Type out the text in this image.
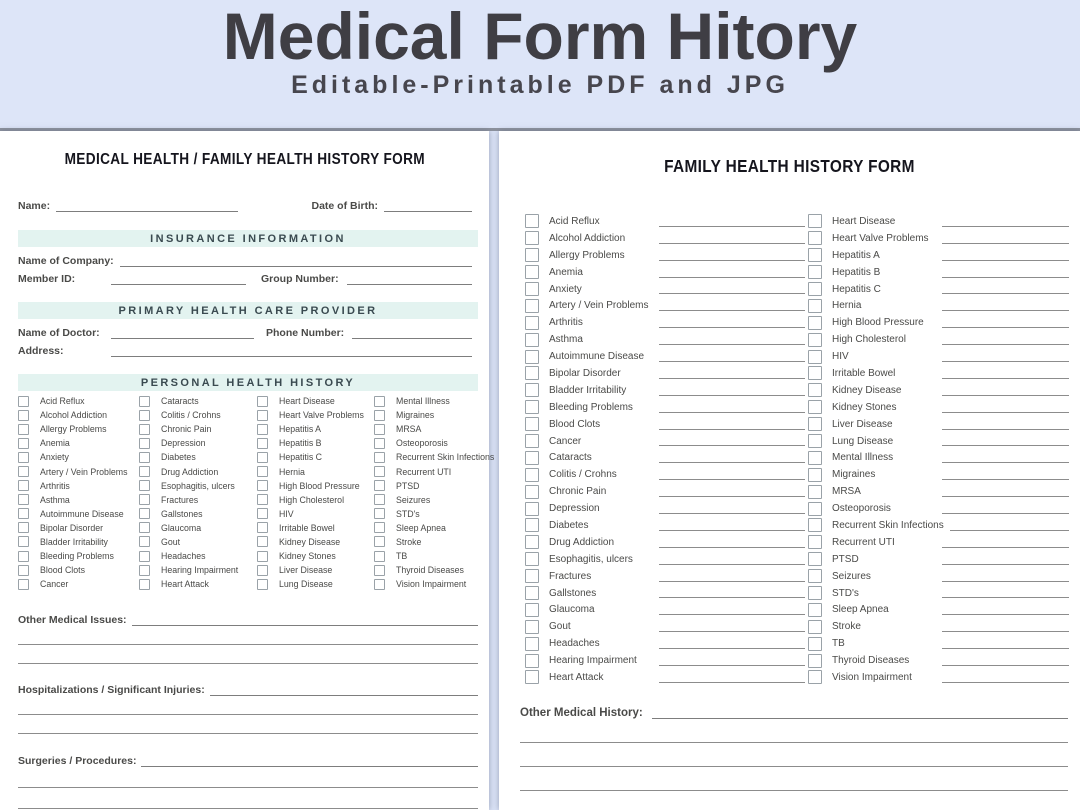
Medical Form Hitory

Editable-Printable PDF and JPG

MEDICAL HEALTH / FAMILY HEALTH HISTORY FORM
Name:	Date of Birth:
INSURANCE INFORMATION
Name of Company:
Member ID:	Group Number:
PRIMARY HEALTH CARE PROVIDER
Name of Doctor:	Phone Number:
Address:
PERSONAL HEALTH HISTORY
Acid Reflux
Alcohol Addiction
Allergy Problems
Anemia
Anxiety
Artery / Vein Problems
Arthritis
Asthma
Autoimmune Disease
Bipolar Disorder
Bladder Irritability
Bleeding Problems
Blood Clots
Cancer
Cataracts
Colitis / Crohns
Chronic Pain
Depression
Diabetes
Drug Addiction
Esophagitis, ulcers
Fractures
Gallstones
Glaucoma
Gout
Headaches
Hearing Impairment
Heart Attack
Heart Disease
Heart Valve Problems
Hepatitis A
Hepatitis B
Hepatitis C
Hernia
High Blood Pressure
High Cholesterol
HIV
Irritable Bowel
Kidney Disease
Kidney Stones
Liver Disease
Lung Disease
Mental Illness
Migraines
MRSA
Osteoporosis
Recurrent Skin Infections
Recurrent UTI
PTSD
Seizures
STD's
Sleep Apnea
Stroke
TB
Thyroid Diseases
Vision Impairment
Other Medical Issues:
Hospitalizations / Significant Injuries:
Surgeries / Procedures:
FAMILY HEALTH HISTORY FORM
Acid Reflux
Alcohol Addiction
Allergy Problems
Anemia
Anxiety
Artery / Vein Problems
Arthritis
Asthma
Autoimmune Disease
Bipolar Disorder
Bladder Irritability
Bleeding Problems
Blood Clots
Cancer
Cataracts
Colitis / Crohns
Chronic Pain
Depression
Diabetes
Drug Addiction
Esophagitis, ulcers
Fractures
Gallstones
Glaucoma
Gout
Headaches
Hearing Impairment
Heart Attack
Heart Disease
Heart Valve Problems
Hepatitis A
Hepatitis B
Hepatitis C
Hernia
High Blood Pressure
High Cholesterol
HIV
Irritable Bowel
Kidney Disease
Kidney Stones
Liver Disease
Lung Disease
Mental Illness
Migraines
MRSA
Osteoporosis
Recurrent Skin Infections
Recurrent UTI
PTSD
Seizures
STD's
Sleep Apnea
Stroke
TB
Thyroid Diseases
Vision Impairment
Other Medical History:
